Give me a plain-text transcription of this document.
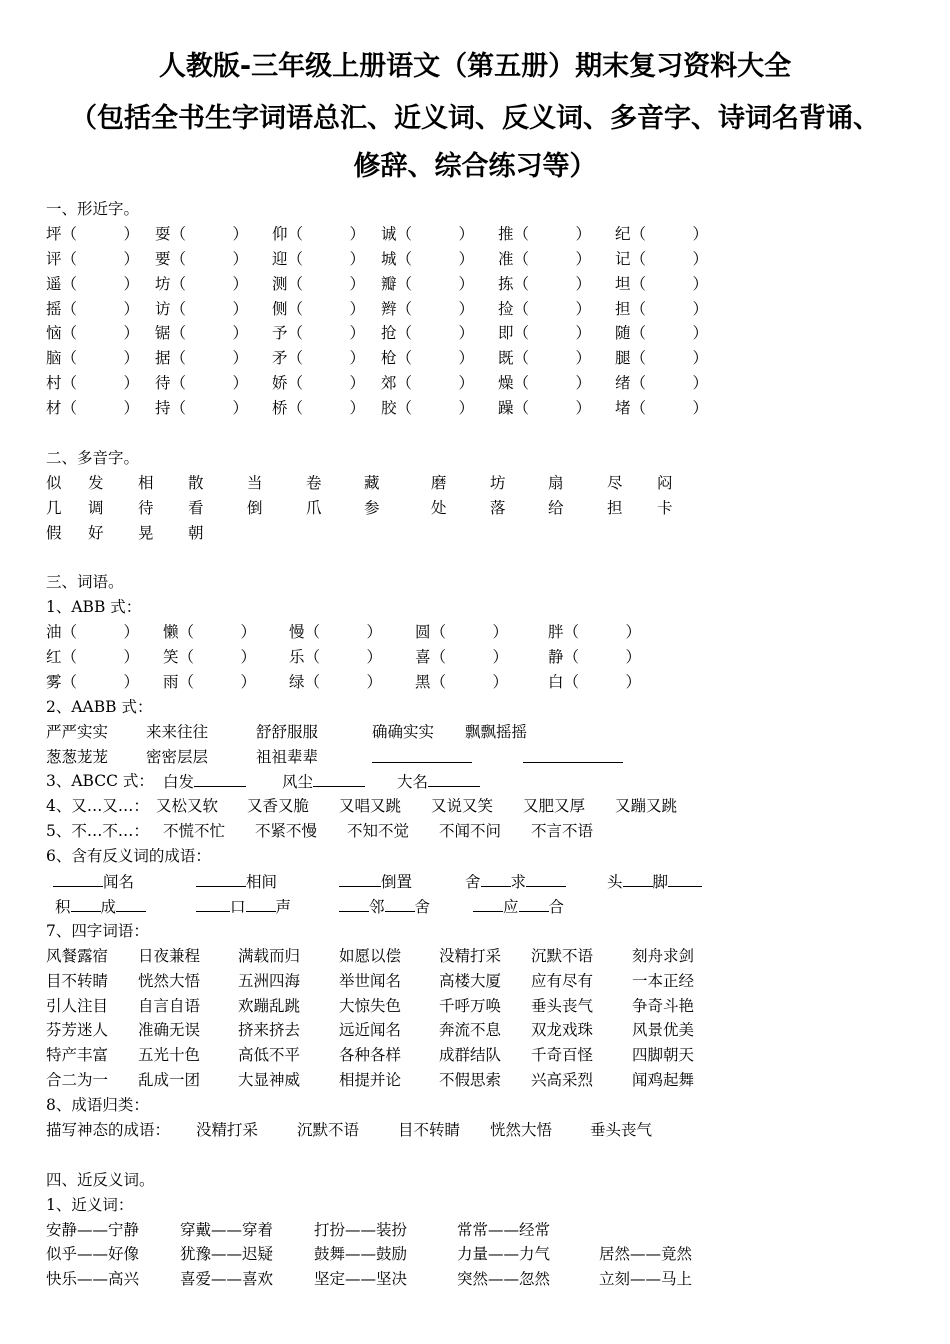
人教版-三年级上册语文（第五册）期末复习资料大全
（包括全书生字词语总汇、近义词、反义词、多音字、诗词名背诵、
修辞、综合练习等）
一、形近字。
坪（　　　） 耍（　　　） 仰（　　　） 诚（　　　） 推（　　　） 纪（　　　）
评（　　　） 要（　　　） 迎（　　　） 城（　　　） 准（　　　） 记（　　　）
遥（　　　） 坊（　　　） 测（　　　） 瓣（　　　） 拣（　　　） 坦（　　　）
摇（　　　） 访（　　　） 侧（　　　） 辫（　　　） 捡（　　　） 担（　　　）
恼（　　　） 锯（　　　） 予（　　　） 抢（　　　） 即（　　　） 随（　　　）
脑（　　　） 据（　　　） 矛（　　　） 枪（　　　） 既（　　　） 腿（　　　）
村（　　　） 待（　　　） 娇（　　　） 郊（　　　） 燥（　　　） 绪（　　　）
材（　　　） 持（　　　） 桥（　　　） 胶（　　　） 躁（　　　） 堵（　　　）
二、多音字。
似 发 相 散	当	卷	藏	磨	坊	扇	尽 闷
几 调 待 看	倒	爪	参	处	落	给	担 卡
假 好 晃 朝
三、词语。
1、ABB 式：
油（　　　） 懒（　　　） 慢（　　　） 圆（　　　）	胖（　　　）
红（　　　） 笑（　　　） 乐（　　　） 喜（　　　）	静（　　　）
雾（　　　） 雨（　　　） 绿（　　　） 黑（　　　）	白（　　　）
2、AABB 式：
严严实实 来来往往	舒舒服服	确确实实 飘飘摇摇
葱葱茏茏 密密层层	祖祖辈辈
3、ABCC 式： 白发	风尘	大名
4、又…又…： 又松又软 又香又脆 又唱又跳 又说又笑 又肥又厚 又蹦又跳
5、不…不…： 不慌不忙 不紧不慢 不知不觉 不闻不问 不言不语
6、含有反义词的成语：
闻名	相间	倒置	舍 求	头 脚
积 成	口 声	邻 舍	应 合
7、四字词语：
风餐露宿 日夜兼程 满载而归	如愿以偿 没精打采 沉默不语	刻舟求剑
目不转睛 恍然大悟 五洲四海	举世闻名 高楼大厦 应有尽有	一本正经
引人注目 自言自语 欢蹦乱跳	大惊失色 千呼万唤 垂头丧气	争奇斗艳
芬芳迷人 准确无误 挤来挤去	远近闻名 奔流不息 双龙戏珠	风景优美
特产丰富 五光十色 高低不平	各种各样 成群结队 千奇百怪	四脚朝天
合二为一 乱成一团 大显神威	相提并论 不假思索 兴高采烈	闻鸡起舞
8、成语归类：
描写神态的成语： 没精打采	沉默不语	目不转睛 恍然大悟 垂头丧气
四、近反义词。
1、近义词：
安静——宁静	穿戴——穿着	打扮——装扮	常常——经常
似乎——好像	犹豫——迟疑	鼓舞——鼓励	力量——力气	居然——竟然
快乐——高兴	喜爱——喜欢	坚定——坚决	突然——忽然	立刻——马上
